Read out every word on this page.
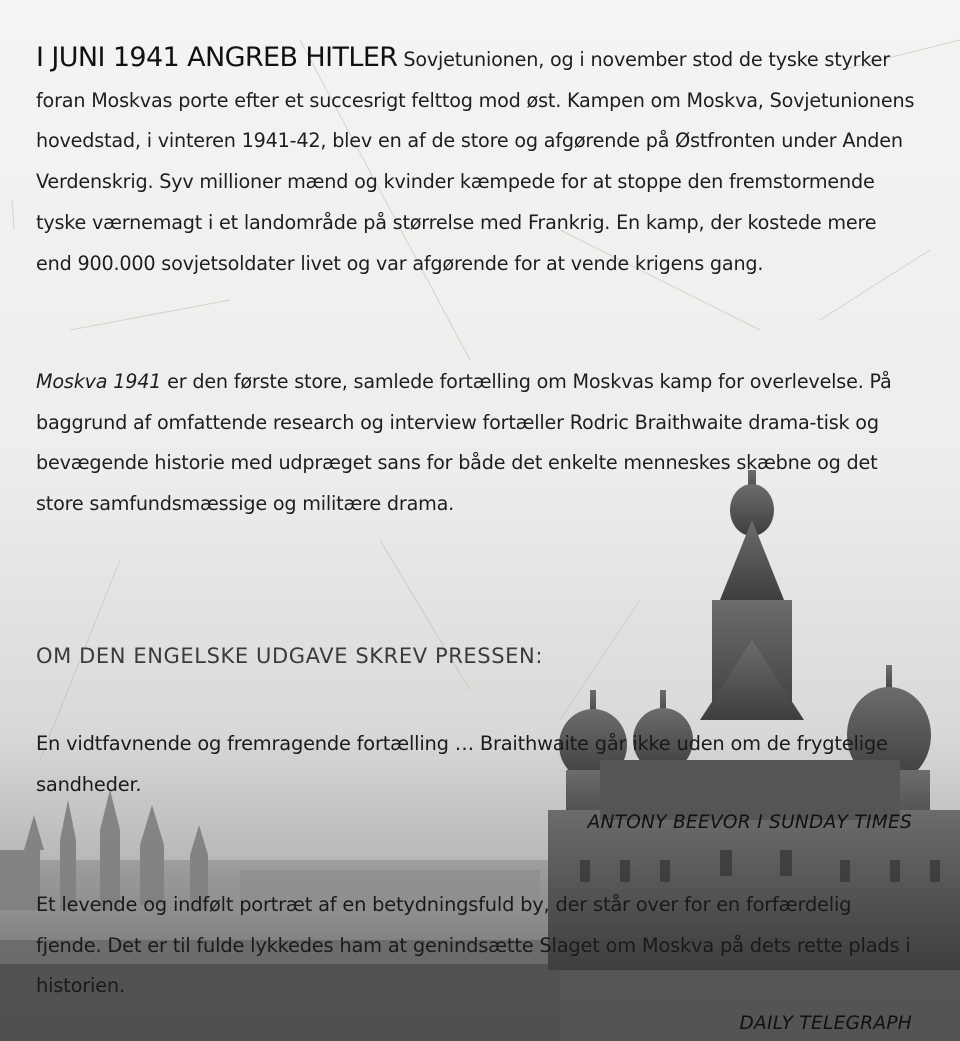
I JUNI 1941 ANGREB HITLER Sovjetunionen, og i november stod de tyske styrker foran Moskvas porte efter et succesrigt felttog mod øst. Kampen om Moskva, Sovjetunionens hovedstad, i vinteren 1941-42, blev en af de store og afgørende på Østfronten under Anden Verdenskrig. Syv millioner mænd og kvinder kæmpede for at stoppe den fremstormende tyske værnemagt i et landområde på størrelse med Frankrig. En kamp, der kostede mere end 900.000 sovjetsoldater livet og var afgørende for at vende krigens gang.

Moskva 1941 er den første store, samlede fortælling om Moskvas kamp for overlevelse. På baggrund af omfattende research og interview fortæller Rodric Braithwaite drama-tisk og bevægende historie med udpræget sans for både det enkelte menneskes skæbne og det store samfundsmæssige og militære drama.

OM DEN ENGELSKE UDGAVE SKREV PRESSEN:

En vidtfavnende og fremragende fortælling … Braithwaite går ikke uden om de frygtelige sandheder.

ANTONY BEEVOR I SUNDAY TIMES

Et levende og indfølt portræt af en betydningsfuld by, der står over for en forfærdelig fjende. Det er til fulde lykkedes ham at genindsætte Slaget om Moskva på dets rette plads i historien.

DAILY TELEGRAPH
